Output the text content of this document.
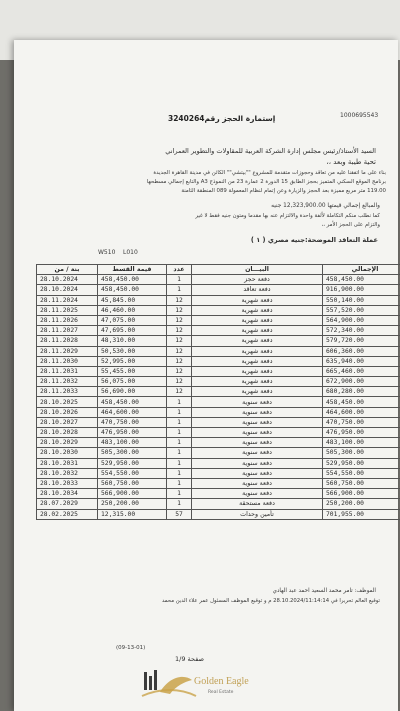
1000695543
إستمارة الحجز رقم3240264
السيد الأستاذ/رئيس مجلس إدارة الشركة العربية للمقاولات والتطوير العمراني
تحية طيبة وبعد ،،
بناء على ما اتفقنا عليه من تعاقد وحجوزات متقدمة للمشروع ""بيتشي"" الكائن في مدينة القاهرة الجديدة
برنامج الموقع السكني المتميز بحجز الطابق 15 الدورة 2 عمارة 23 من النموذج A3 والتابع إجمالي مسطحها
119.00 متر مربع مميزة بعد الحجز والزيارة وعن إتمام لنظام المعمولة 089 المنطقة الثامنة
والمبالغ إجمالي قيمتها 12,323,900.00 جنيه
كما نطلب منكم التكاملة لألفة واحدة والالتزام عنه بها مقدما ومتون جنيه فقط لا غير
والتزام على الحجز الأمر ،،
عملة التعاقد الموضحة:جنيه مصري ( ١ )
W510    L010
بنة / من	قيمة القسط	عدد	البيـــان	الإجمالي
28.10.2024	458,450.00	1	دفعة حجز	458,450.00
28.10.2024	458,450.00	1	دفعة تعاقد	916,900.00
28.11.2024	45,845.00	12	دفعة شهرية	550,140.00
28.11.2025	46,460.00	12	دفعة شهرية	557,520.00
28.11.2026	47,075.00	12	دفعة شهرية	564,900.00
28.11.2027	47,695.00	12	دفعة شهرية	572,340.00
28.11.2028	48,310.00	12	دفعة شهرية	579,720.00
28.11.2029	50,530.00	12	دفعة شهرية	606,360.00
28.11.2030	52,995.00	12	دفعة شهرية	635,940.00
28.11.2031	55,455.00	12	دفعة شهرية	665,460.00
28.11.2032	56,075.00	12	دفعة شهرية	672,900.00
28.11.2033	56,690.00	12	دفعة شهرية	680,280.00
28.10.2025	458,450.00	1	دفعة سنوية	458,450.00
28.10.2026	464,600.00	1	دفعة سنوية	464,600.00
28.10.2027	470,750.00	1	دفعة سنوية	470,750.00
28.10.2028	476,950.00	1	دفعة سنوية	476,950.00
28.10.2029	483,100.00	1	دفعة سنوية	483,100.00
28.10.2030	505,300.00	1	دفعة سنوية	505,300.00
28.10.2031	529,950.00	1	دفعة سنوية	529,950.00
28.10.2032	554,550.00	1	دفعة سنوية	554,550.00
28.10.2033	560,750.00	1	دفعة سنوية	560,750.00
28.10.2034	566,900.00	1	دفعة سنوية	566,900.00
28.07.2029	250,200.00	1	دفعة مستحقة	250,200.00
28.02.2025	12,315.00	57	تأمين وحدات	701,955.00
الموظف: تامر محمد السعيد احمد عبد الهادي
توقيع العالم تحريرا في 28.10.2024/11:14:14 م و توقيع الموظف المسئول عمر علاء الدين محمد
(09-13-01)
صفحة 1/9
Golden Eagle
Real Estate
